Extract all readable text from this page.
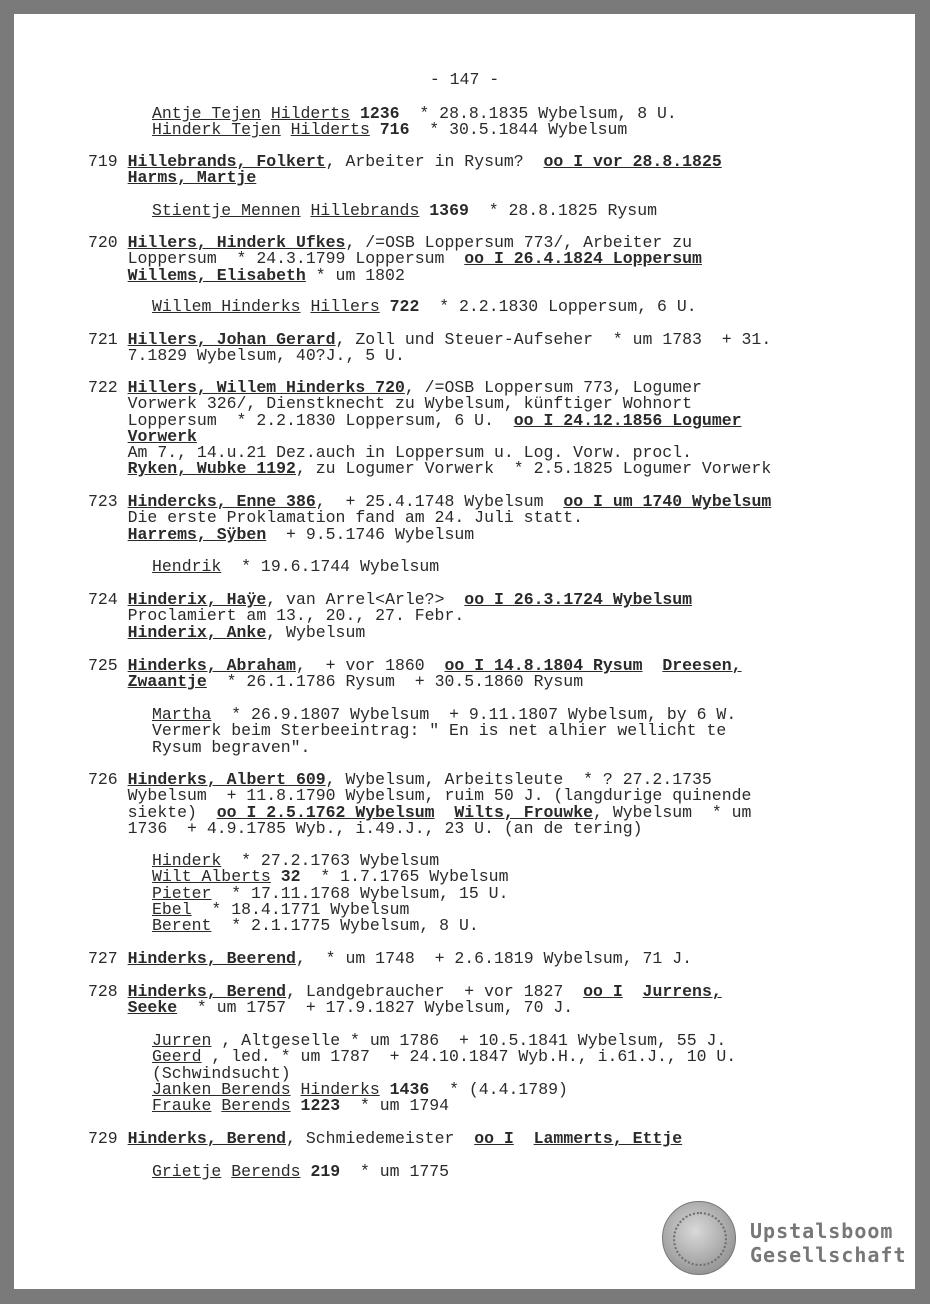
- 147 -
Antje Tejen Hilderts 1236 * 28.8.1835 Wybelsum, 8 U.
Hinderk Tejen Hilderts 716 * 30.5.1844 Wybelsum
719 Hillebrands, Folkert, Arbeiter in Rysum?  oo I vor 28.8.1825
Harms, Martje
Stientje Mennen Hillebrands 1369 * 28.8.1825 Rysum
720 Hillers, Hinderk Ufkes, /=OSB Loppersum 773/, Arbeiter zu
Loppersum  * 24.3.1799 Loppersum  oo I 26.4.1824 Loppersum
Willems, Elisabeth * um 1802
Willem Hinderks Hillers 722 * 2.2.1830 Loppersum, 6 U.
721 Hillers, Johan Gerard, Zoll und Steuer-Aufseher  * um 1783  + 31.
7.1829 Wybelsum, 40?J., 5 U.
722 Hillers, Willem Hinderks 720, /=OSB Loppersum 773, Logumer
Vorwerk 326/, Dienstknecht zu Wybelsum, künftiger Wohnort
Loppersum  * 2.2.1830 Loppersum, 6 U.  oo I 24.12.1856 Logumer
Vorwerk
Am 7., 14.u.21 Dez.auch in Loppersum u. Log. Vorw. procl.
Ryken, Wubke 1192, zu Logumer Vorwerk  * 2.5.1825 Logumer Vorwerk
723 Hindercks, Enne 386,  + 25.4.1748 Wybelsum  oo I um 1740 Wybelsum
Die erste Proklamation fand am 24. Juli statt.
Harrems, Sÿben  + 9.5.1746 Wybelsum
Hendrik * 19.6.1744 Wybelsum
724 Hinderix, Haÿe, van Arrel<Arle?>  oo I 26.3.1724 Wybelsum
Proclamiert am 13., 20., 27. Febr.
Hinderix, Anke, Wybelsum
725 Hinderks, Abraham,  + vor 1860  oo I 14.8.1804 Rysum Dreesen,
Zwaantje  * 26.1.1786 Rysum  + 30.5.1860 Rysum
Martha * 26.9.1807 Wybelsum  + 9.11.1807 Wybelsum, by 6 W.
Vermerk beim Sterbeeintrag: " En is net alhier wellicht te
Rysum begraven".
726 Hinderks, Albert 609, Wybelsum, Arbeitsleute  * ? 27.2.1735
Wybelsum  + 11.8.1790 Wybelsum, ruim 50 J. (langdurige quinende
siekte)  oo I 2.5.1762 Wybelsum Wilts, Frouwke, Wybelsum  * um
1736  + 4.9.1785 Wyb., i.49.J., 23 U. (an de tering)
Hinderk * 27.2.1763 Wybelsum
Wilt Alberts 32 * 1.7.1765 Wybelsum
Pieter * 17.11.1768 Wybelsum, 15 U.
Ebel * 18.4.1771 Wybelsum
Berent * 2.1.1775 Wybelsum, 8 U.
727 Hinderks, Beerend,  * um 1748  + 2.6.1819 Wybelsum, 71 J.
728 Hinderks, Berend, Landgebraucher  + vor 1827  oo I Jurrens,
Seeke  * um 1757  + 17.9.1827 Wybelsum, 70 J.
Jurren , Altgeselle * um 1786  + 10.5.1841 Wybelsum, 55 J.
Geerd , led. * um 1787  + 24.10.1847 Wyb.H., i.61.J., 10 U.
(Schwindsucht)
Janken Berends Hinderks 1436 * (4.4.1789)
Frauke Berends 1223 * um 1794
729 Hinderks, Berend, Schmiedemeister  oo I Lammerts, Ettje
Grietje Berends 219 * um 1775
Upstalsboom
Gesellschaft
